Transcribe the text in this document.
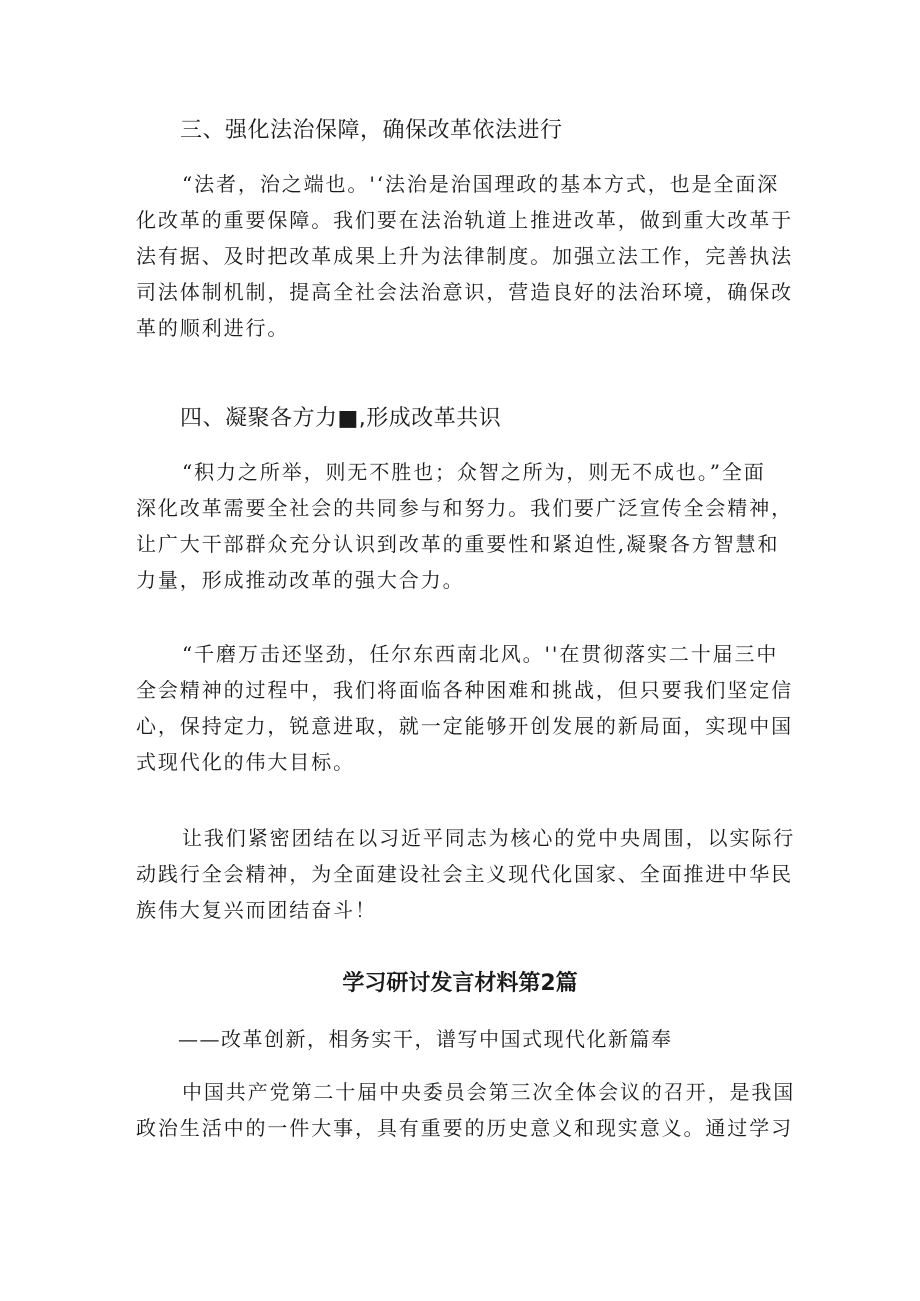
三、强化法治保障，确保改革依法进行
“法者，治之端也。'‘法治是治国理政的基本方式，也是全面深
化改革的重要保障。我们要在法治轨道上推进改革，做到重大改革于
法有据、及时把改革成果上升为法律制度。加强立法工作，完善执法
司法体制机制，提高全社会法治意识，营造良好的法治环境，确保改
革的顺利进行。
四、凝聚各方力■,形成改革共识
“积力之所举，则无不胜也；众智之所为，则无不成也。”全面
深化改革需要全社会的共同参与和努力。我们要广泛宣传全会精神，
让广大干部群众充分认识到改革的重要性和紧迫性,凝聚各方智慧和
力量，形成推动改革的强大合力。
“千磨万击还坚劲，任尔东西南北风。''在贯彻落实二十届三中
全会精神的过程中，我们将面临各种困难和挑战，但只要我们坚定信
心，保持定力，锐意进取，就一定能够开创发展的新局面，实现中国
式现代化的伟大目标。
让我们紧密团结在以习近平同志为核心的党中央周围，以实际行
动践行全会精神，为全面建设社会主义现代化国家、全面推进中华民
族伟大复兴而团结奋斗！
学习研讨发言材料第2篇

——改革创新，相务实干，谱写中国式现代化新篇奉

中国共产党第二十届中央委员会第三次全体会议的召开，是我国
政治生活中的一件大事，具有重要的历史意义和现实意义。通过学习
